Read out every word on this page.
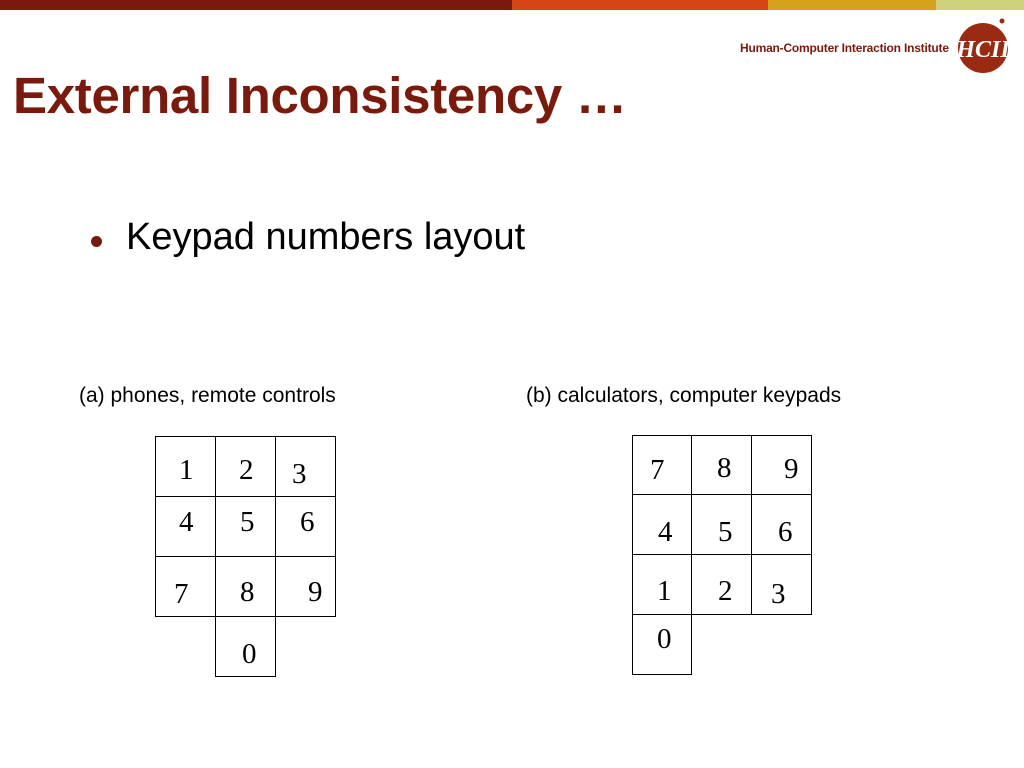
Human-Computer Interaction Institute HCII
External Inconsistency …
Keypad numbers layout
(a) phones, remote controls	(b) calculators, computer keypads
1 2 3
4 5 6
7 8 9
0
7 8 9
4 5 6
1 2 3
0
